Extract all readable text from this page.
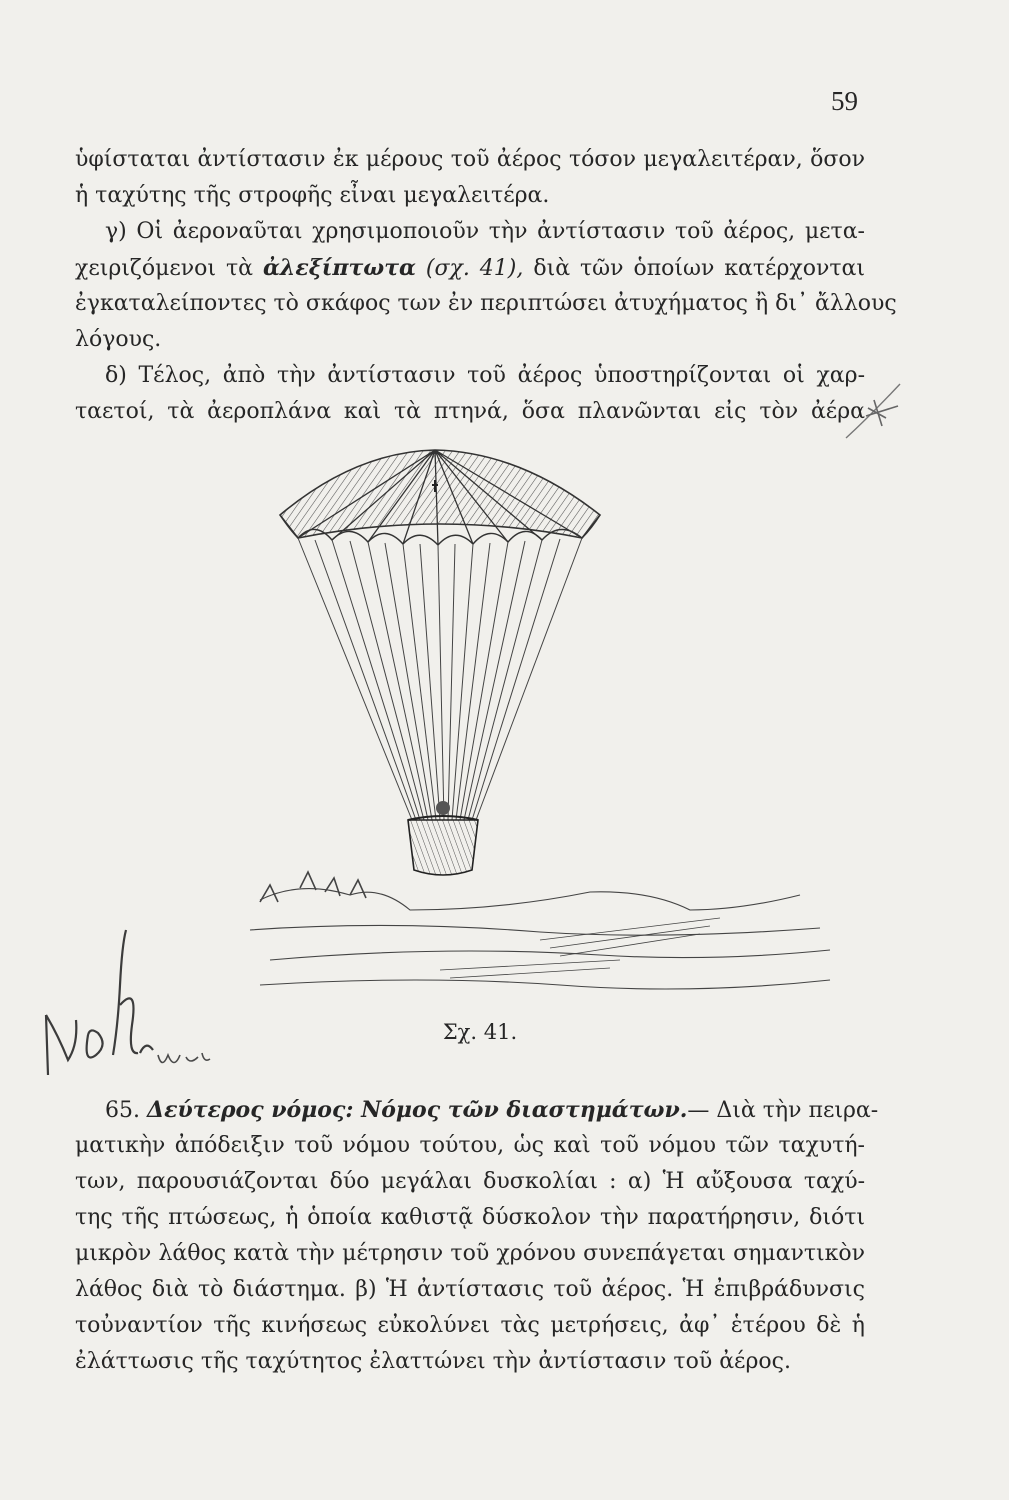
59
ὑφίσταται ἀντίστασιν ἐκ μέρους τοῦ ἀέρος τόσον μεγαλειτέραν, ὅσον
ἡ ταχύτης τῆς στροφῆς εἶναι μεγαλειτέρα.
γ) Οἱ ἀεροναῦται χρησιμοποιοῦν τὴν ἀντίστασιν τοῦ ἀέρος, μετα-
χειριζόμενοι τὰ ἀλεξίπτωτα (σχ. 41), διὰ τῶν ὁποίων κατέρχονται
ἐγκαταλείποντες τὸ σκάφος των ἐν περιπτώσει ἀτυχήματος ἢ δι᾿ ἄλλους
λόγους.
δ) Τέλος, ἀπὸ τὴν ἀντίστασιν τοῦ ἀέρος ὑποστηρίζονται οἱ χαρ-
ταετοί, τὰ ἀεροπλάνα καὶ τὰ πτηνά, ὅσα πλανῶνται εἰς τὸν ἀέρα
Σχ. 41.
65. Δεύτερος νόμος: Νόμος τῶν διαστημάτων.— Διὰ τὴν πειρα-
ματικὴν ἀπόδειξιν τοῦ νόμου τούτου, ὡς καὶ τοῦ νόμου τῶν ταχυτή-
των, παρουσιάζονται δύο μεγάλαι δυσκολίαι : α) Ἡ αὔξουσα ταχύ-
της τῆς πτώσεως, ἡ ὁποία καθιστᾷ δύσκολον τὴν παρατήρησιν, διότι
μικρὸν λάθος κατὰ τὴν μέτρησιν τοῦ χρόνου συνεπάγεται σημαντικὸν
λάθος διὰ τὸ διάστημα. β) Ἡ ἀντίστασις τοῦ ἀέρος. Ἡ ἐπιβράδυνσις
τοὐναντίον τῆς κινήσεως εὐκολύνει τὰς μετρήσεις, ἀφ᾿ ἑτέρου δὲ ἡ
ἐλάττωσις τῆς ταχύτητος ἐλαττώνει τὴν ἀντίστασιν τοῦ ἀέρος.
